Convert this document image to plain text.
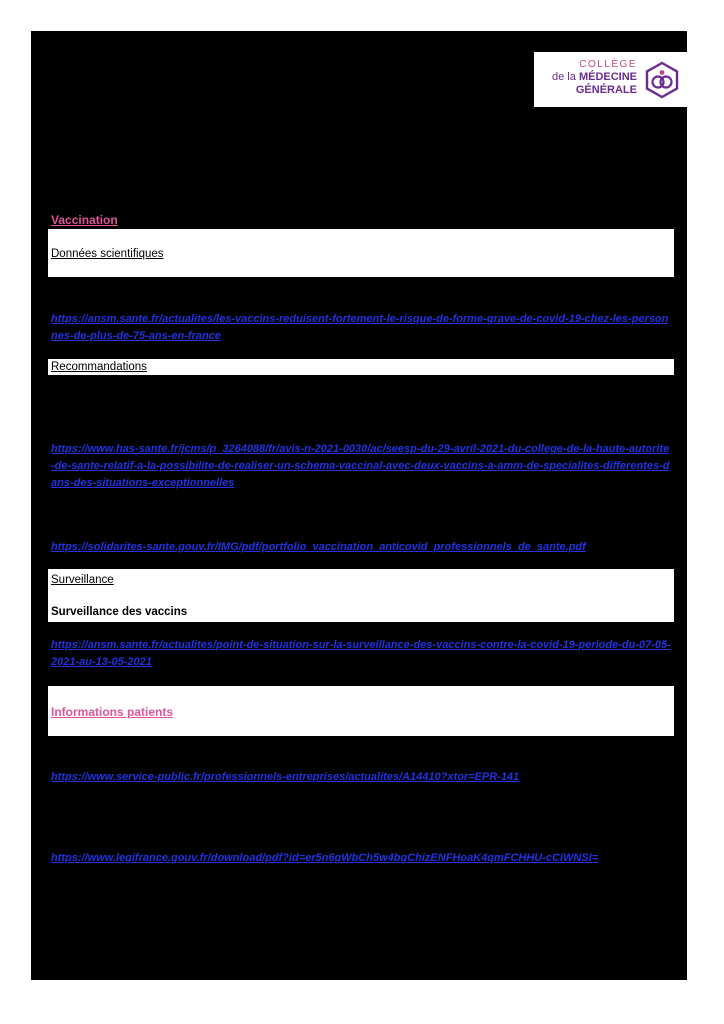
COLLÈGE
de la MÉDECINE
GÉNÉRALE
Vaccination
Données scientifiques
https://ansm.sante.fr/actualites/les-vaccins-reduisent-fortement-le-risque-de-forme-grave-de-covid-19-chez-les-personnes-de-plus-de-75-ans-en-france
Recommandations
https://www.has-sante.fr/jcms/p_3264088/fr/avis-n-2021-0030/ac/seesp-du-29-avril-2021-du-college-de-la-haute-autorite-de-sante-relatif-a-la-possibilite-de-realiser-un-schema-vaccinal-avec-deux-vaccins-a-amm-de-specialites-differentes-dans-des-situations-exceptionnelles
https://solidarites-sante.gouv.fr/IMG/pdf/portfolio_vaccination_anticovid_professionnels_de_sante.pdf
Surveillance
Surveillance des vaccins
https://ansm.sante.fr/actualites/point-de-situation-sur-la-surveillance-des-vaccins-contre-la-covid-19-periode-du-07-05-2021-au-13-05-2021
Informations patients
https://www.service-public.fr/professionnels-entreprises/actualites/A14410?xtor=EPR-141
https://www.legifrance.gouv.fr/download/pdf?id=er5n6gWbCh5w4bgChizENFHoaK4qmFCHHU-cCiWNSI=
